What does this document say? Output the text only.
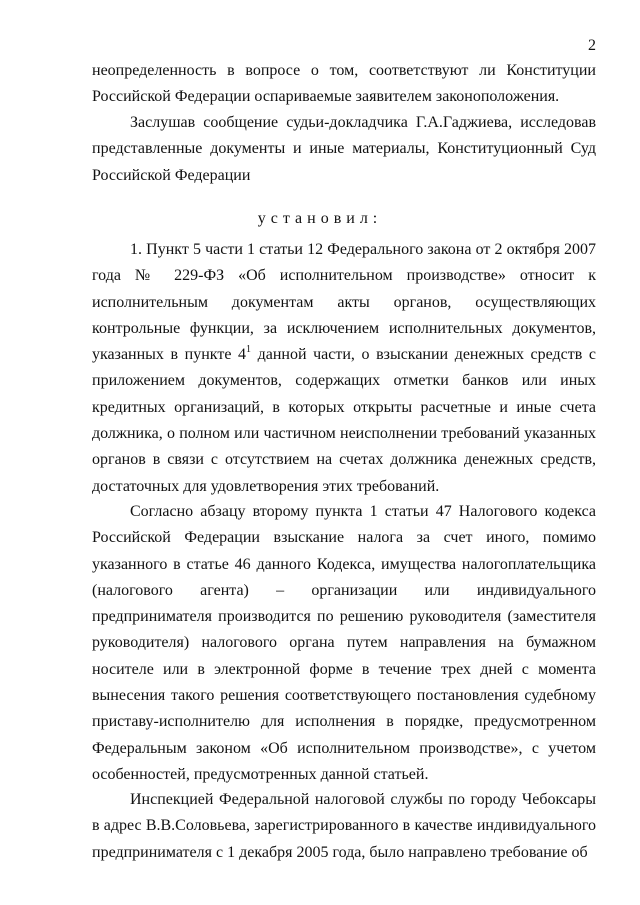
2

неопределенность в вопросе о том, соответствуют ли Конституции Российской Федерации оспариваемые заявителем законоположения.

Заслушав сообщение судьи-докладчика Г.А.Гаджиева, исследовав представленные документы и иные материалы, Конституционный Суд Российской Федерации

установил:

1. Пункт 5 части 1 статьи 12 Федерального закона от 2 октября 2007 года № 229-ФЗ «Об исполнительном производстве» относит к исполнительным документам акты органов, осуществляющих контрольные функции, за исключением исполнительных документов, указанных в пункте $4^1$ данной части, о взыскании денежных средств с приложением документов, содержащих отметки банков или иных кредитных организаций, в которых открыты расчетные и иные счета должника, о полном или частичном неисполнении требований указанных органов в связи с отсутствием на счетах должника денежных средств, достаточных для удовлетворения этих требований.

Согласно абзацу второму пункта 1 статьи 47 Налогового кодекса Российской Федерации взыскание налога за счет иного, помимо указанного в статье 46 данного Кодекса, имущества налогоплательщика (налогового агента) – организации или индивидуального предпринимателя производится по решению руководителя (заместителя руководителя) налогового органа путем направления на бумажном носителе или в электронной форме в течение трех дней с момента вынесения такого решения соответствующего постановления судебному приставу-исполнителю для исполнения в порядке, предусмотренном Федеральным законом «Об исполнительном производстве», с учетом особенностей, предусмотренных данной статьей.

Инспекцией Федеральной налоговой службы по городу Чебоксары в адрес В.В.Соловьева, зарегистрированного в качестве индивидуального предпринимателя с 1 декабря 2005 года, было направлено требование об
